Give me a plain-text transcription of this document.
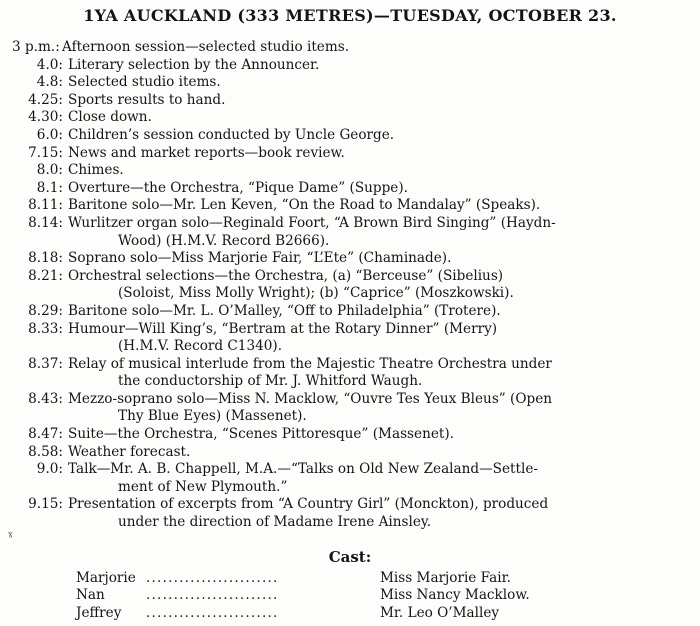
1YA AUCKLAND (333 METRES)—TUESDAY, OCTOBER 23.
3 p.m.: Afternoon session—selected studio items.
4.0: Literary selection by the Announcer.
4.8: Selected studio items.
4.25: Sports results to hand.
4.30: Close down.
6.0: Children’s session conducted by Uncle George.
7.15: News and market reports—book review.
8.0: Chimes.
8.1: Overture—the Orchestra, “Pique Dame” (Suppe).
8.11: Baritone solo—Mr. Len Keven, “On the Road to Mandalay” (Speaks).
8.14: Wurlitzer organ solo—Reginald Foort, “A Brown Bird Singing” (Haydn-
Wood) (H.M.V. Record B2666).
8.18: Soprano solo—Miss Marjorie Fair, “L’Ete” (Chaminade).
8.21: Orchestral selections—the Orchestra, (a) “Berceuse” (Sibelius)
(Soloist, Miss Molly Wright); (b) “Caprice” (Moszkowski).
8.29: Baritone solo—Mr. L. O’Malley, “Off to Philadelphia” (Trotere).
8.33: Humour—Will King’s, “Bertram at the Rotary Dinner” (Merry)
(H.M.V. Record C1340).
8.37: Relay of musical interlude from the Majestic Theatre Orchestra under
the conductorship of Mr. J. Whitford Waugh.
8.43: Mezzo-soprano solo—Miss N. Macklow, “Ouvre Tes Yeux Bleus” (Open
Thy Blue Eyes) (Massenet).
8.47: Suite—the Orchestra, “Scenes Pittoresque” (Massenet).
8.58: Weather forecast.
9.0: Talk—Mr. A. B. Chappell, M.A.—“Talks on Old New Zealand—Settle-
ment of New Plymouth.”
9.15: Presentation of excerpts from “A Country Girl” (Monckton), produced
under the direction of Madame Irene Ainsley.
ˠ
Cast:
Marjorie ........................	Miss Marjorie Fair.
Nan	........................	Miss Nancy Macklow.
Jeffrey	........................	Mr. Leo O’Malley
